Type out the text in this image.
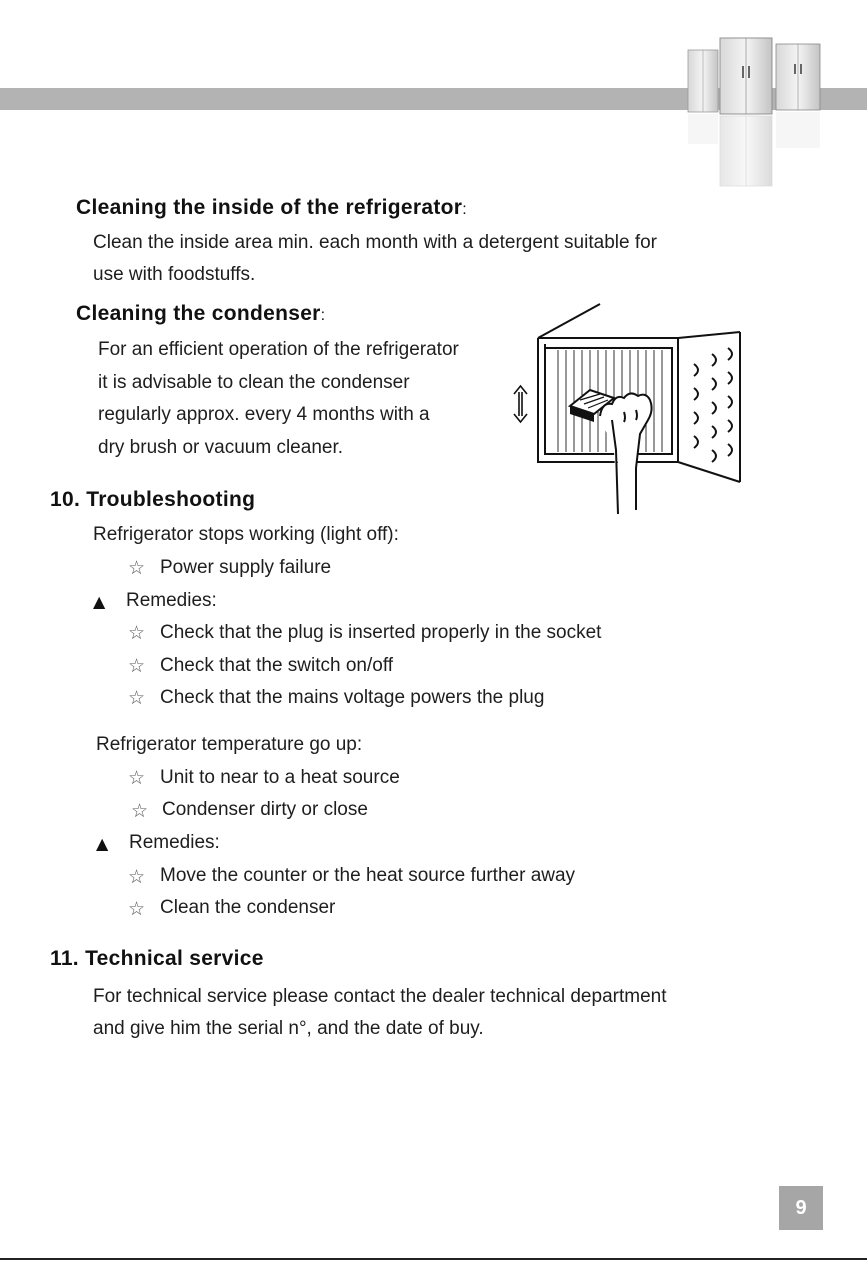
Cleaning the inside of the refrigerator:
Clean the inside area min. each month with a detergent suitable for
use with foodstuffs.
Cleaning the condenser:
For an efficient operation of the refrigerator
it is advisable to clean the condenser
regularly approx. every 4 months with a
dry brush or vacuum cleaner.
10. Troubleshooting
Refrigerator stops working (light off):
☆ Power supply failure
▲ Remedies:
☆ Check that the plug is inserted properly in the socket
☆ Check that the switch on/off
☆ Check that the mains voltage powers the plug
Refrigerator temperature go up:
☆ Unit to near to a heat source
☆ Condenser dirty or close
▲ Remedies:
☆ Move the counter or the heat source further away
☆ Clean the condenser
11. Technical service
For technical service please contact the dealer technical department
and give him the serial n°, and the date of buy.
9
